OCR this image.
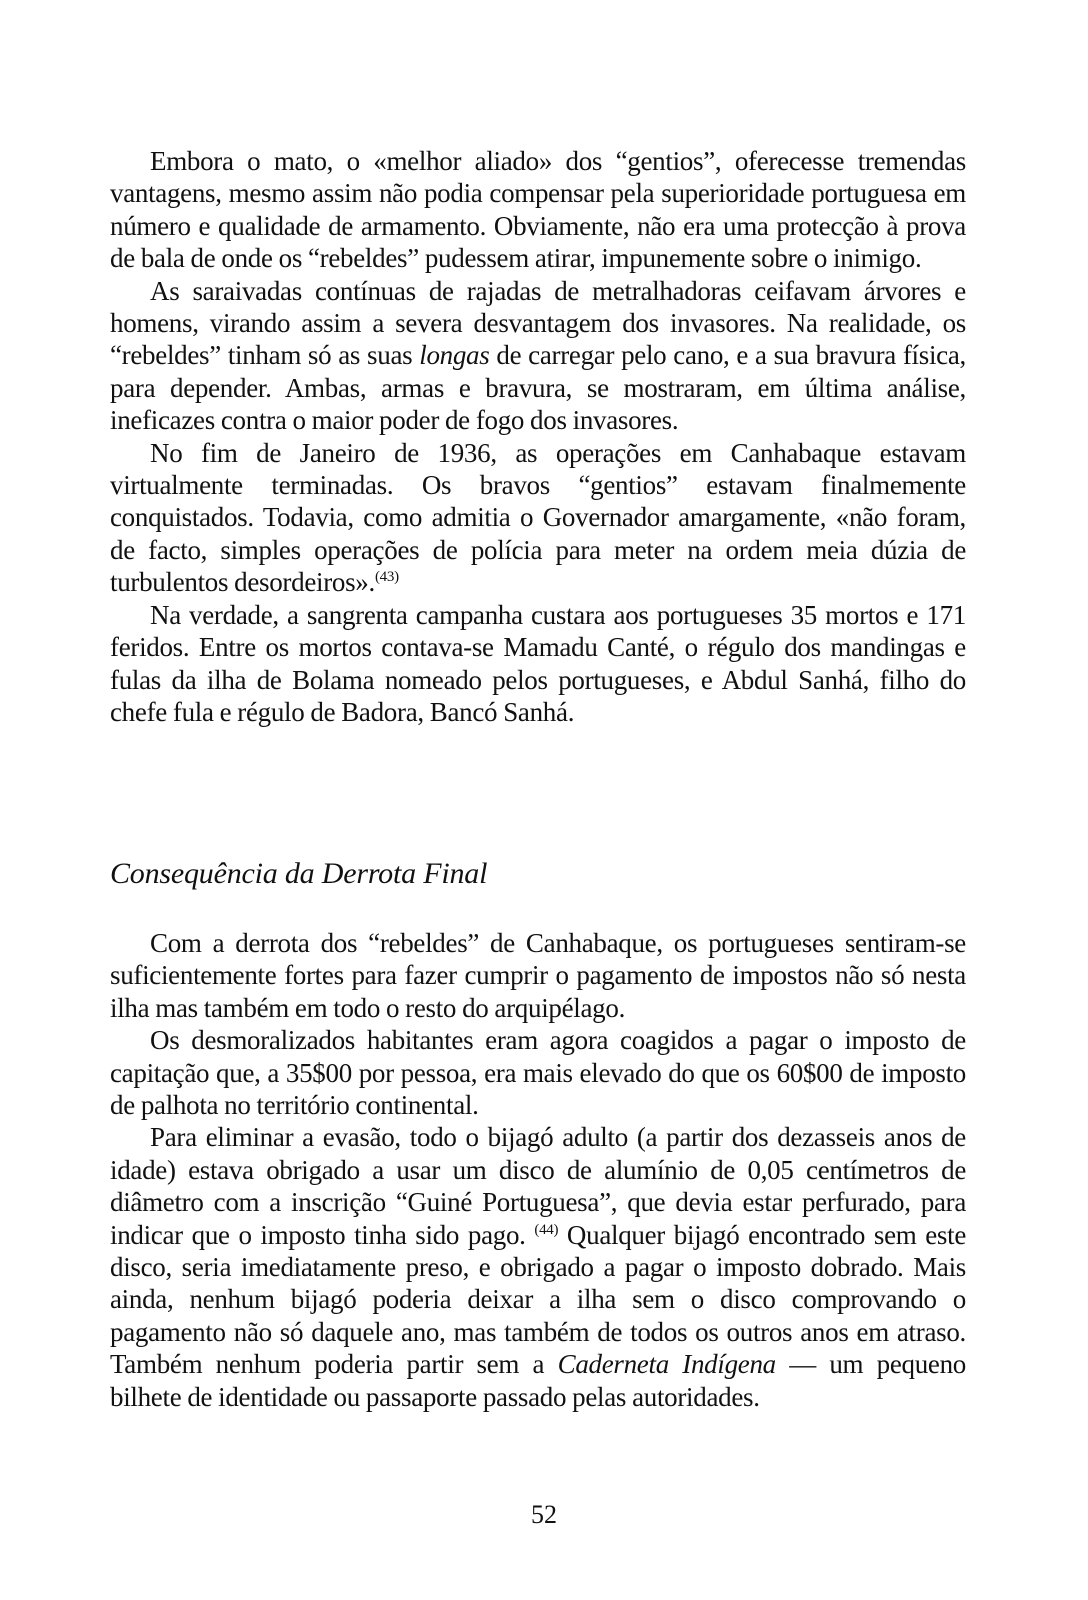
Embora o mato, o «melhor aliado» dos “gentios”, oferecesse tremendas vantagens, mesmo assim não podia compensar pela superioridade portuguesa em número e qualidade de armamento. Obviamente, não era uma protecção à prova de bala de onde os “rebeldes” pudessem atirar, impunemente sobre o inimigo.

As saraivadas contínuas de rajadas de metralhadoras ceifavam árvores e homens, virando assim a severa desvantagem dos invasores. Na realidade, os “rebeldes” tinham só as suas longas de carregar pelo cano, e a sua bravura física, para depender. Ambas, armas e bravura, se mostraram, em última análise, ineficazes contra o maior poder de fogo dos invasores.

No fim de Janeiro de 1936, as operações em Canhabaque estavam virtualmente terminadas. Os bravos “gentios” estavam finalmemente conquistados. Todavia, como admitia o Governador amargamente, «não foram, de facto, simples operações de polícia para meter na ordem meia dúzia de turbulentos desordeiros».$^{(43)}$

Na verdade, a sangrenta campanha custara aos portugueses 35 mortos e 171 feridos. Entre os mortos contava-se Mamadu Canté, o régulo dos mandingas e fulas da ilha de Bolama nomeado pelos portugueses, e Abdul Sanhá, filho do chefe fula e régulo de Badora, Bancó Sanhá.

Consequência da Derrota Final

Com a derrota dos “rebeldes” de Canhabaque, os portugueses sentiram-se suficientemente fortes para fazer cumprir o pagamento de impostos não só nesta ilha mas também em todo o resto do arquipélago.

Os desmoralizados habitantes eram agora coagidos a pagar o imposto de capitação que, a 35$00 por pessoa, era mais elevado do que os 60$00 de imposto de palhota no território continental.

Para eliminar a evasão, todo o bijagó adulto (a partir dos dezasseis anos de idade) estava obrigado a usar um disco de alumínio de 0,05 centímetros de diâmetro com a inscrição “Guiné Portuguesa”, que devia estar perfurado, para indicar que o imposto tinha sido pago. $^{(44)}$ Qualquer bijagó encontrado sem este disco, seria imediatamente preso, e obrigado a pagar o imposto dobrado. Mais ainda, nenhum bijagó poderia deixar a ilha sem o disco comprovando o pagamento não só daquele ano, mas também de todos os outros anos em atraso. Também nenhum poderia partir sem a Caderneta Indígena — um pequeno bilhete de identidade ou passaporte passado pelas autoridades.

52
